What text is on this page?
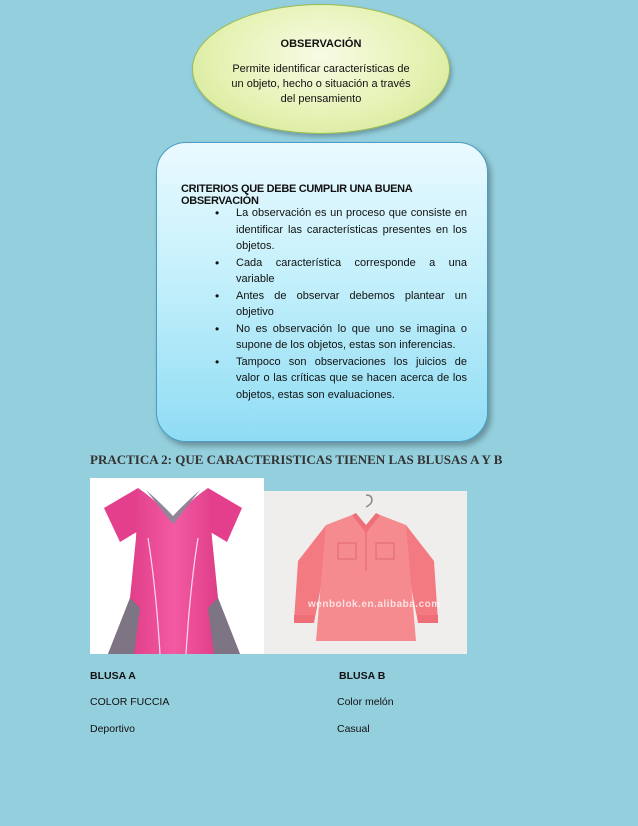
OBSERVACIÓN
Permite identificar características de un objeto, hecho o situación a través del pensamiento
CRITERIOS QUE DEBE CUMPLIR UNA BUENA OBSERVACIÓN
• La observación es un proceso que consiste en identificar las características presentes en los objetos.
• Cada característica corresponde a una variable
• Antes de observar debemos plantear un objetivo
• No es observación lo que uno se imagina o supone de los objetos, estas son inferencias.
• Tampoco son observaciones los juicios de valor o las críticas que se hacen acerca de los objetos, estas son evaluaciones.
PRACTICA 2: QUE CARACTERISTICAS TIENEN LAS BLUSAS A Y B
wenbolok.en.alibaba.com
BLUSA A
COLOR FUCCIA
Deportivo
BLUSA B
Color melón
Casual
